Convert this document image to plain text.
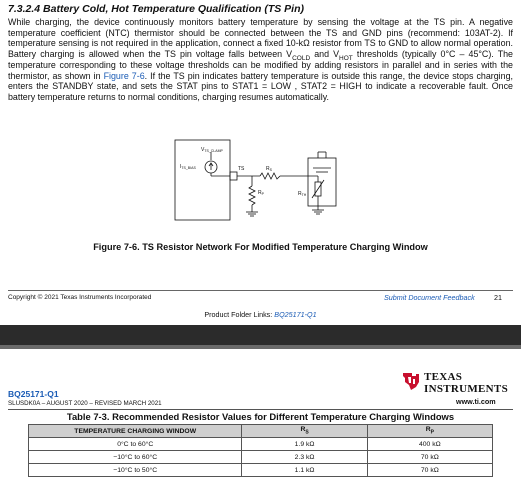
7.3.2.4 Battery Cold, Hot Temperature Qualification (TS Pin)
While charging, the device continuously monitors battery temperature by sensing the voltage at the TS pin. A negative temperature coefficient (NTC) thermistor should be connected between the TS and GND pins (recommend: 103AT-2). If temperature sensing is not required in the application, connect a fixed 10-kΩ resistor from TS to GND to allow normal operation. Battery charging is allowed when the TS pin voltage falls between $V_{COLD}$ and $V_{HOT}$ thresholds (typically 0°C – 45°C). The temperature corresponding to these voltage thresholds can be modified by adding resistors in parallel and in series with the thermistor, as shown in Figure 7-6. If the TS pin indicates battery temperature is outside this range, the device stops charging, enters the STANDBY state, and sets the STAT pins to STAT1 = LOW , STAT2 = HIGH to indicate a recoverable fault. Once battery temperature returns to normal conditions, charging resumes automatically.
$V_{TS\_CLAMP}$
$I_{TS\_BIAS}$	TS	$R_S$
$R_P$	$R_{TH}$
Figure 7-6. TS Resistor Network For Modified Temperature Charging Window
Copyright © 2021 Texas Instruments Incorporated	Submit Document Feedback	21
Product Folder Links: BQ25171-Q1
BQ25171-Q1
SLUSDK0A – AUGUST 2020 – REVISED MARCH 2021
TEXAS
INSTRUMENTS
www.ti.com
Table 7-3. Recommended Resistor Values for Different Temperature Charging Windows
TEMPERATURE CHARGING WINDOW	$R_S$	$R_P$
0°C to 60°C	1.9 kΩ	400 kΩ
−10°C to 60°C	2.3 kΩ	70 kΩ
−10°C to 50°C	1.1 kΩ	70 kΩ
